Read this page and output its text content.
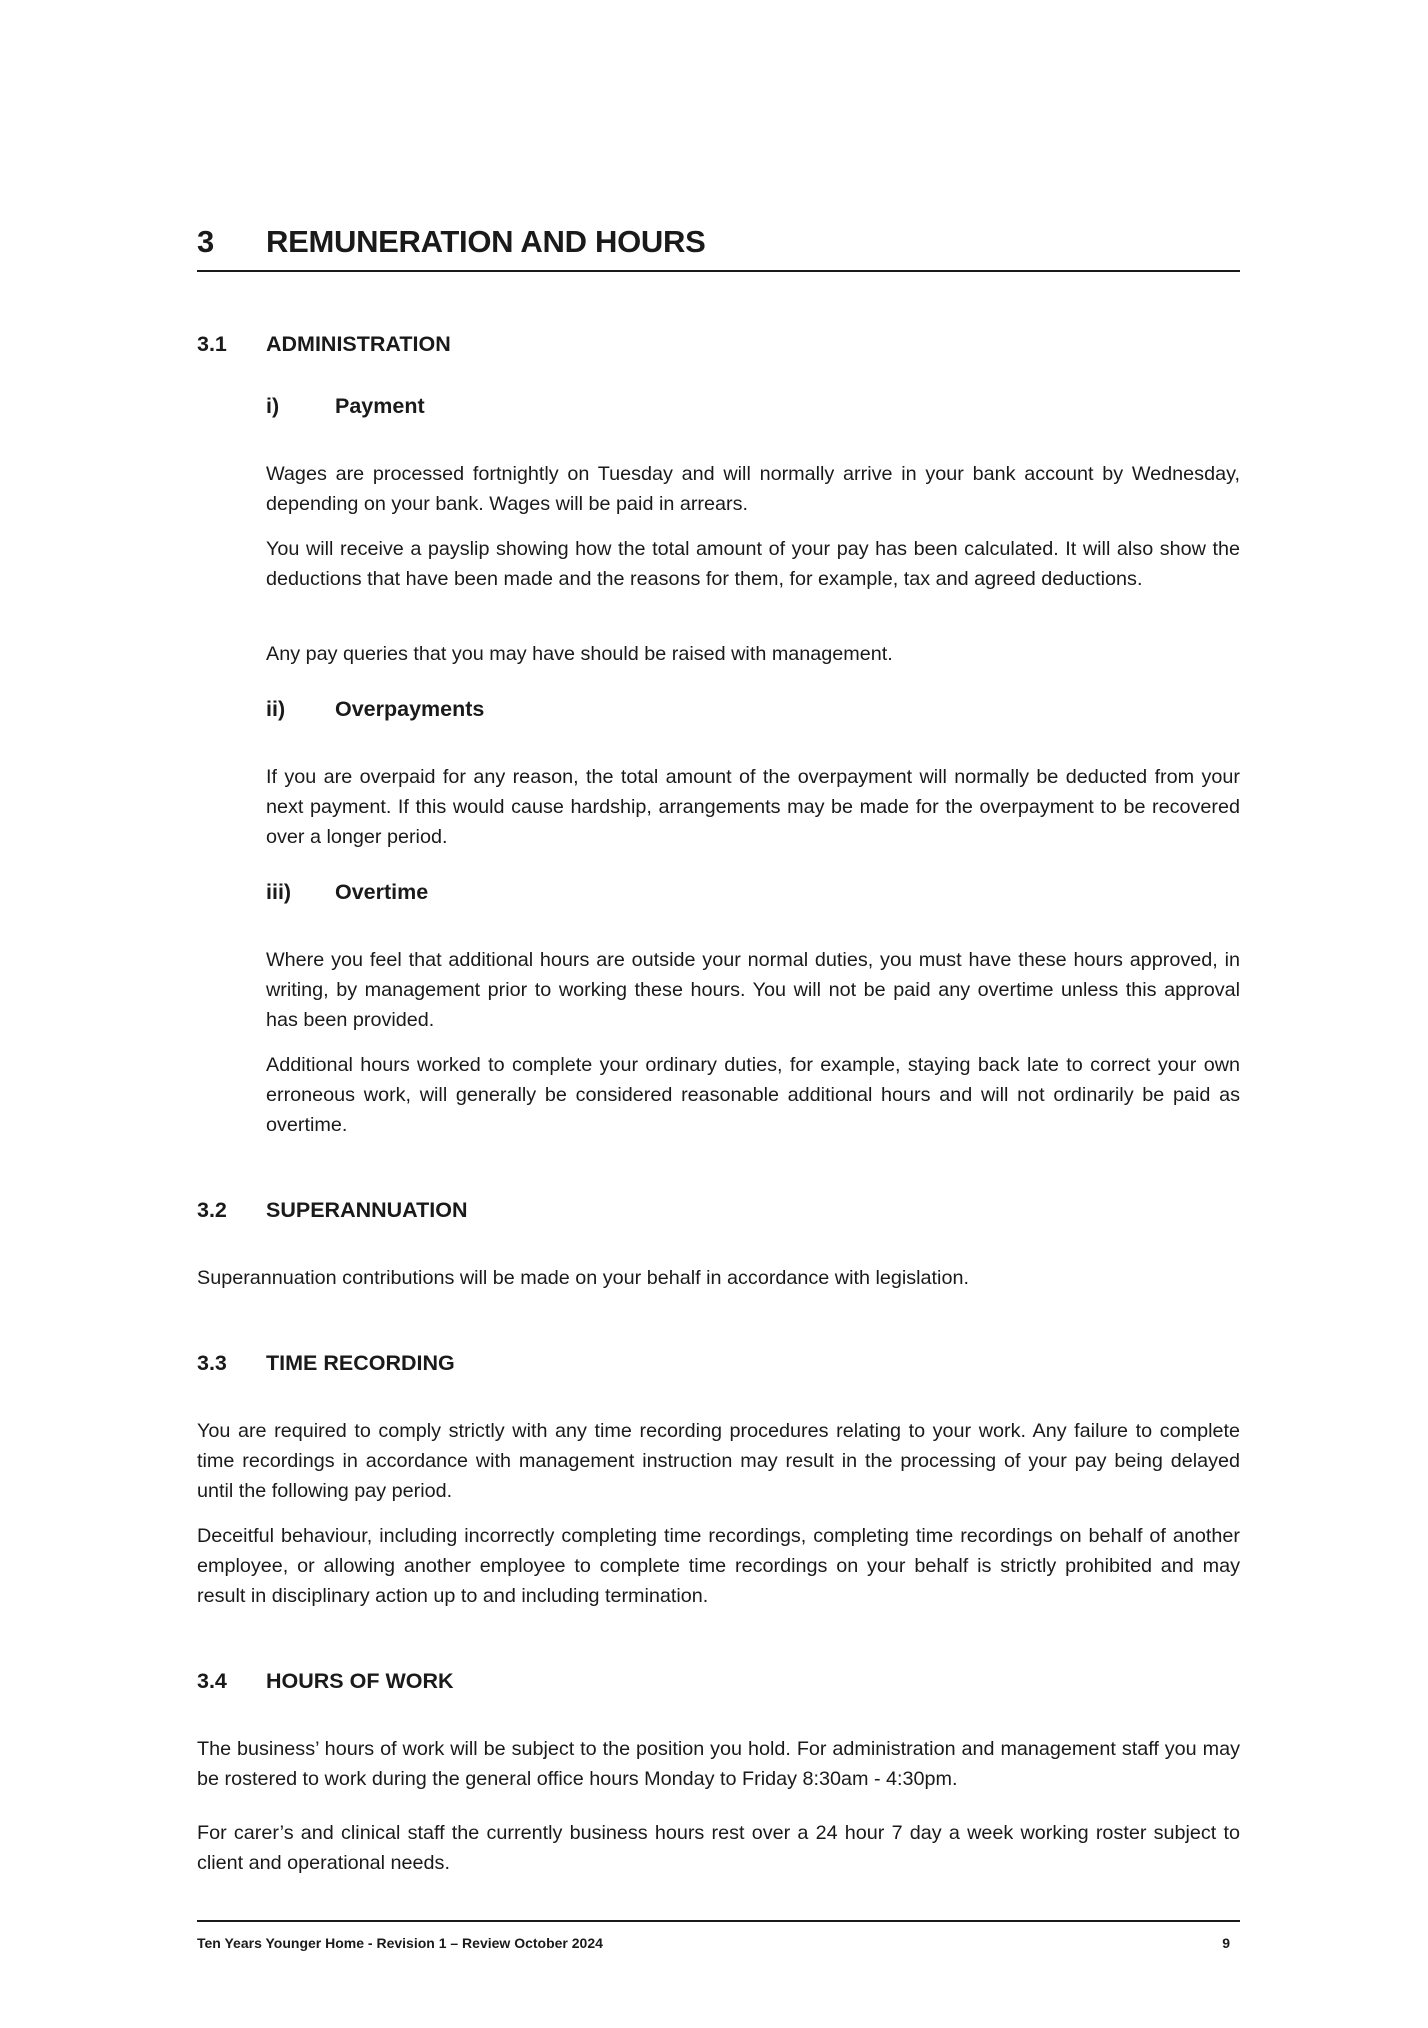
3 REMUNERATION AND HOURS
3.1 ADMINISTRATION
i)	Payment

Wages are processed fortnightly on Tuesday and will normally arrive in your bank account by Wednesday, depending on your bank. Wages will be paid in arrears.

You will receive a payslip showing how the total amount of your pay has been calculated. It will also show the deductions that have been made and the reasons for them, for example, tax and agreed deductions.

Any pay queries that you may have should be raised with management.

ii) Overpayments

If you are overpaid for any reason, the total amount of the overpayment will normally be deducted from your next payment. If this would cause hardship, arrangements may be made for the overpayment to be recovered over a longer period.

iii) Overtime

Where you feel that additional hours are outside your normal duties, you must have these hours approved, in writing, by management prior to working these hours. You will not be paid any overtime unless this approval has been provided.

Additional hours worked to complete your ordinary duties, for example, staying back late to correct your own erroneous work, will generally be considered reasonable additional hours and will not ordinarily be paid as overtime.

3.2 SUPERANNUATION

Superannuation contributions will be made on your behalf in accordance with legislation.

3.3 TIME RECORDING

You are required to comply strictly with any time recording procedures relating to your work. Any failure to complete time recordings in accordance with management instruction may result in the processing of your pay being delayed until the following pay period.

Deceitful behaviour, including incorrectly completing time recordings, completing time recordings on behalf of another employee, or allowing another employee to complete time recordings on your behalf is strictly prohibited and may result in disciplinary action up to and including termination.

3.4 HOURS OF WORK

The business’ hours of work will be subject to the position you hold. For administration and management staff you may be rostered to work during the general office hours Monday to Friday 8:30am - 4:30pm.

For carer’s and clinical staff the currently business hours rest over a 24 hour 7 day a week working roster subject to client and operational needs.

Ten Years Younger Home - Revision 1 – Review October 2024	9
